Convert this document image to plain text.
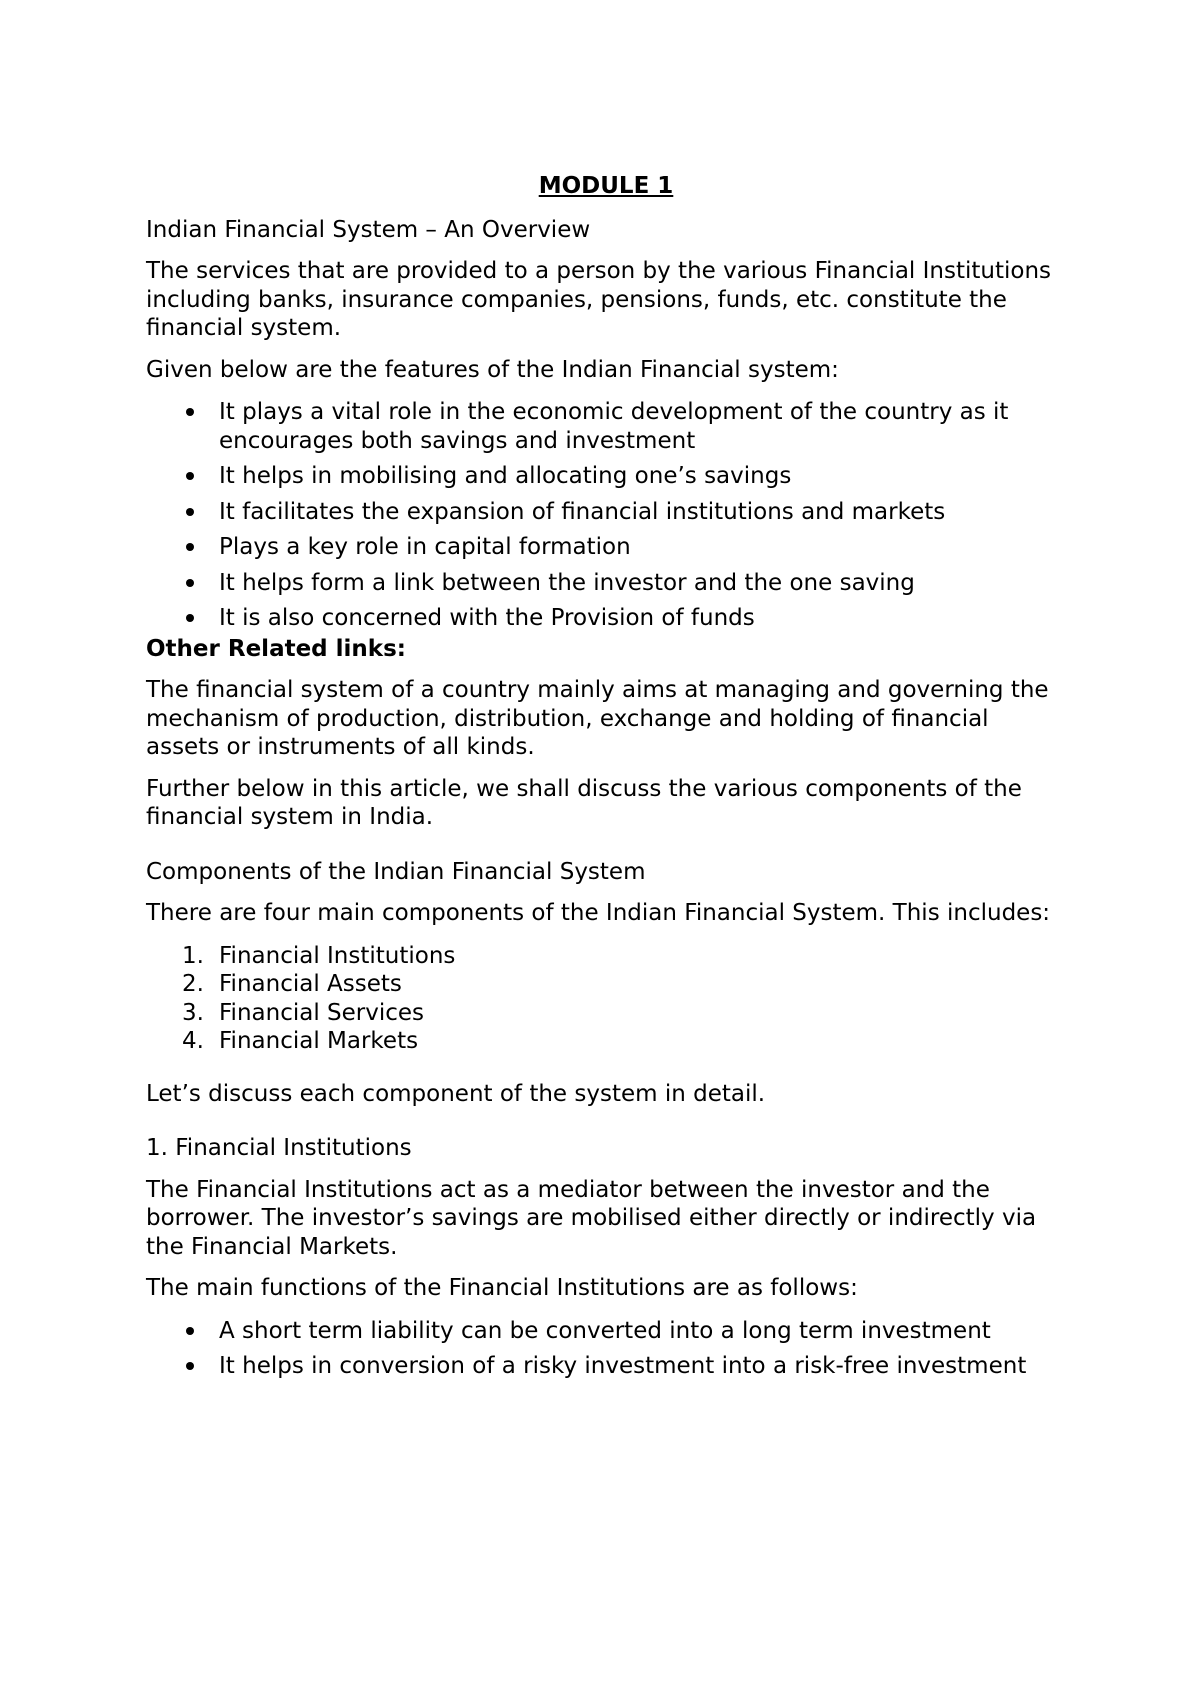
MODULE 1

Indian Financial System – An Overview

The services that are provided to a person by the various Financial Institutions including banks, insurance companies, pensions, funds, etc. constitute the financial system.

Given below are the features of the Indian Financial system:

It plays a vital role in the economic development of the country as it encourages both savings and investment
It helps in mobilising and allocating one’s savings
It facilitates the expansion of financial institutions and markets
Plays a key role in capital formation
It helps form a link between the investor and the one saving
It is also concerned with the Provision of funds

Other Related links:

The financial system of a country mainly aims at managing and governing the mechanism of production, distribution, exchange and holding of financial assets or instruments of all kinds.

Further below in this article, we shall discuss the various components of the financial system in India.

Components of the Indian Financial System

There are four main components of the Indian Financial System. This includes:

1. Financial Institutions
2. Financial Assets
3. Financial Services
4. Financial Markets

Let’s discuss each component of the system in detail.

1. Financial Institutions

The Financial Institutions act as a mediator between the investor and the borrower. The investor’s savings are mobilised either directly or indirectly via the Financial Markets.

The main functions of the Financial Institutions are as follows:

A short term liability can be converted into a long term investment
It helps in conversion of a risky investment into a risk-free investment
